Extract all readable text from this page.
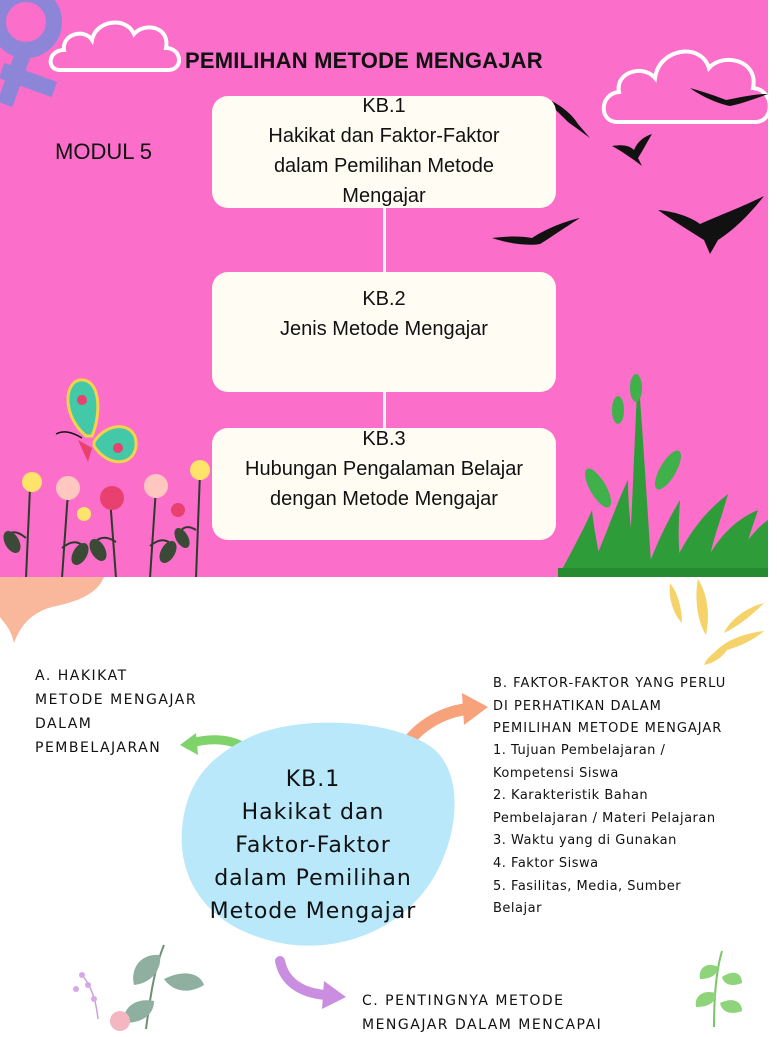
PEMILIHAN METODE MENGAJAR
MODUL 5
KB.1
Hakikat dan Faktor-Faktor
dalam Pemilihan Metode
Mengajar
KB.2
Jenis Metode Mengajar
KB.3
Hubungan Pengalaman Belajar
dengan Metode Mengajar
A. HAKIKAT
METODE MENGAJAR
DALAM
PEMBELAJARAN
KB.1
Hakikat dan
Faktor-Faktor
dalam Pemilihan
Metode Mengajar
B. FAKTOR-FAKTOR YANG PERLU
DI PERHATIKAN DALAM
PEMILIHAN METODE MENGAJAR
1. Tujuan Pembelajaran /
Kompetensi Siswa
2. Karakteristik Bahan
Pembelajaran / Materi Pelajaran
3. Waktu yang di Gunakan
4. Faktor Siswa
5. Fasilitas, Media, Sumber
Belajar
C. PENTINGNYA METODE
MENGAJAR DALAM MENCAPAI
